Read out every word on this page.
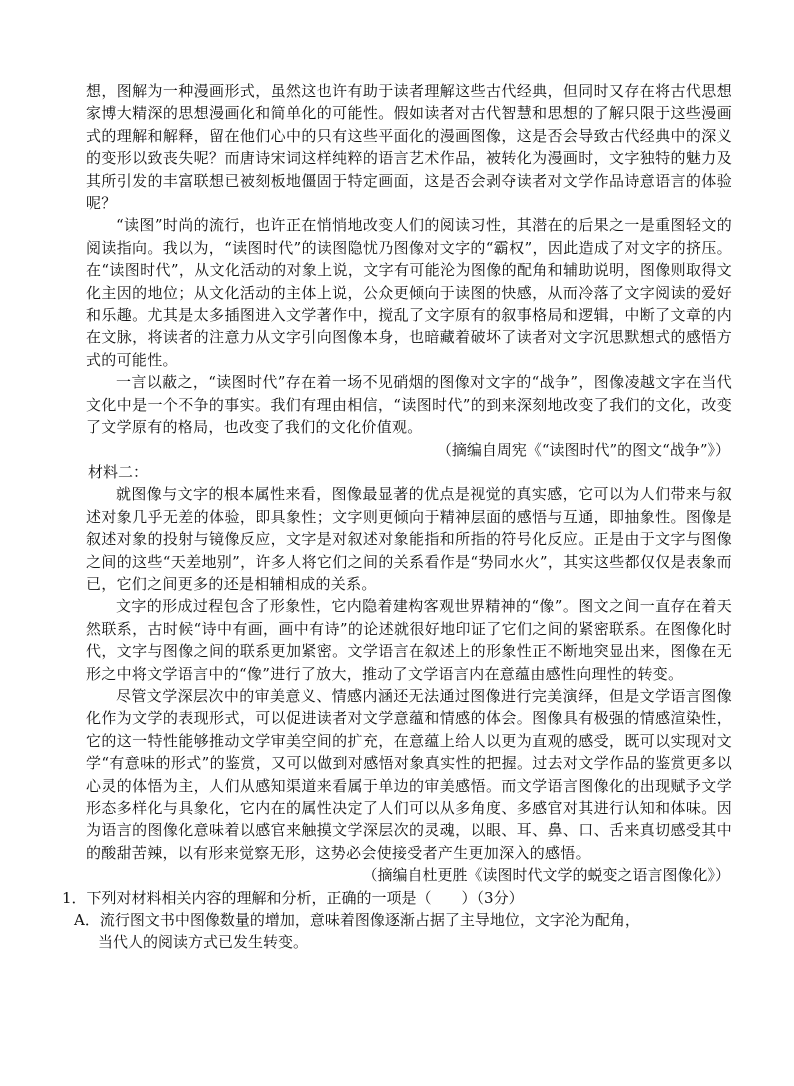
想，图解为一种漫画形式，虽然这也许有助于读者理解这些古代经典，但同时又存在将古代思想家博大精深的思想漫画化和简单化的可能性。假如读者对古代智慧和思想的了解只限于这些漫画式的理解和解释，留在他们心中的只有这些平面化的漫画图像，这是否会导致古代经典中的深义的变形以致丧失呢？而唐诗宋词这样纯粹的语言艺术作品，被转化为漫画时，文字独特的魅力及其所引发的丰富联想已被刻板地僵固于特定画面，这是否会剥夺读者对文学作品诗意语言的体验呢？

“读图”时尚的流行，也许正在悄悄地改变人们的阅读习性，其潜在的后果之一是重图轻文的阅读指向。我以为，“读图时代”的读图隐忧乃图像对文字的“霸权”，因此造成了对文字的挤压。在“读图时代”，从文化活动的对象上说，文字有可能沦为图像的配角和辅助说明，图像则取得文化主因的地位；从文化活动的主体上说，公众更倾向于读图的快感，从而冷落了文字阅读的爱好和乐趣。尤其是太多插图进入文学著作中，搅乱了文字原有的叙事格局和逻辑，中断了文章的内在文脉，将读者的注意力从文字引向图像本身，也暗藏着破坏了读者对文字沉思默想式的感悟方式的可能性。

一言以蔽之，“读图时代”存在着一场不见硝烟的图像对文字的“战争”，图像凌越文字在当代文化中是一个不争的事实。我们有理由相信，“读图时代”的到来深刻地改变了我们的文化，改变了文学原有的格局，也改变了我们的文化价值观。

（摘编自周宪《“读图时代”的图文“战争”》）

材料二：

就图像与文字的根本属性来看，图像最显著的优点是视觉的真实感，它可以为人们带来与叙述对象几乎无差的体验，即具象性；文字则更倾向于精神层面的感悟与互通，即抽象性。图像是叙述对象的投射与镜像反应，文字是对叙述对象能指和所指的符号化反应。正是由于文字与图像之间的这些“天差地别”，许多人将它们之间的关系看作是“势同水火”，其实这些都仅仅是表象而已，它们之间更多的还是相辅相成的关系。

文字的形成过程包含了形象性，它内隐着建构客观世界精神的“像”。图文之间一直存在着天然联系，古时候“诗中有画，画中有诗”的论述就很好地印证了它们之间的紧密联系。在图像化时代，文字与图像之间的联系更加紧密。文学语言在叙述上的形象性正不断地突显出来，图像在无形之中将文学语言中的“像”进行了放大，推动了文学语言内在意蕴由感性向理性的转变。

尽管文学深层次中的审美意义、情感内涵还无法通过图像进行完美演绎，但是文学语言图像化作为文学的表现形式，可以促进读者对文学意蕴和情感的体会。图像具有极强的情感渲染性，它的这一特性能够推动文学审美空间的扩充，在意蕴上给人以更为直观的感受，既可以实现对文学“有意味的形式”的鉴赏，又可以做到对感悟对象真实性的把握。过去对文学作品的鉴赏更多以心灵的体悟为主，人们从感知渠道来看属于单边的审美感悟。而文学语言图像化的出现赋予文学形态多样化与具象化，它内在的属性决定了人们可以从多角度、多感官对其进行认知和体味。因为语言的图像化意味着以感官来触摸文学深层次的灵魂，以眼、耳、鼻、口、舌来真切感受其中的酸甜苦辣，以有形来觉察无形，这势必会使接受者产生更加深入的感悟。

（摘编自杜更胜《读图时代文学的蜕变之语言图像化》）

1．下列对材料相关内容的理解和分析，正确的一项是（　　）（3分）

A．流行图文书中图像数量的增加，意味着图像逐渐占据了主导地位，文字沦为配角，
当代人的阅读方式已发生转变。
